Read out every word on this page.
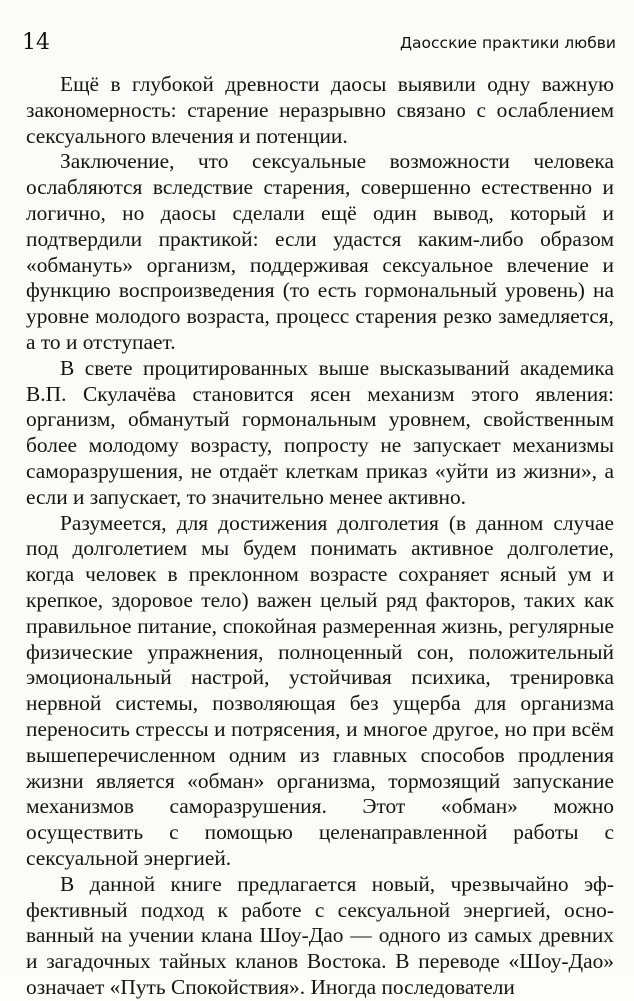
14	Даосские практики любви

Ещё в глубокой древности даосы выявили одну важную закономерность: старение неразрывно связано с ослаблением сексуального влечения и потенции.

Заключение, что сексуальные возможности человека ослабляются вследствие старения, совершенно естественно и логично, но даосы сделали ещё один вывод, который и подтвердили практикой: если удастся каким-либо образом «обмануть» организм, поддерживая сексуальное влечение и функцию воспроизведения (то есть гормональный уровень) на уровне молодого возраста, процесс старения резко замедляется, а то и отступает.

В свете процитированных выше высказываний академика В.П. Скулачёва становится ясен механизм этого явления: организм, обманутый гормональным уровнем, свойственным более молодому возрасту, попросту не запускает механизмы саморазрушения, не отдаёт клеткам приказ «уйти из жизни», а если и запускает, то значительно менее активно.

Разумеется, для достижения долголетия (в данном случае под долголетием мы будем понимать активное долголетие, когда человек в преклонном возрасте сохраняет ясный ум и крепкое, здоровое тело) важен целый ряд факторов, таких как правильное питание, спокойная размеренная жизнь, регулярные физические упражнения, полноценный сон, положительный эмоциональный настрой, устойчивая психика, тренировка нервной системы, позволяющая без ущерба для организма переносить стрессы и потрясения, и многое другое, но при всём вышеперечисленном одним из главных способов продления жизни является «обман» организма, тормозящий запускание механизмов саморазрушения. Этот «обман» можно осуществить с помощью целенаправленной работы с сексуальной энергией.

В данной книге предлагается новый, чрезвычайно эффективный подход к работе с сексуальной энергией, основанный на учении клана Шоу-Дао — одного из самых древних и загадочных тайных кланов Востока. В переводе «Шоу-Дао» означает «Путь Спокойствия». Иногда последователи
